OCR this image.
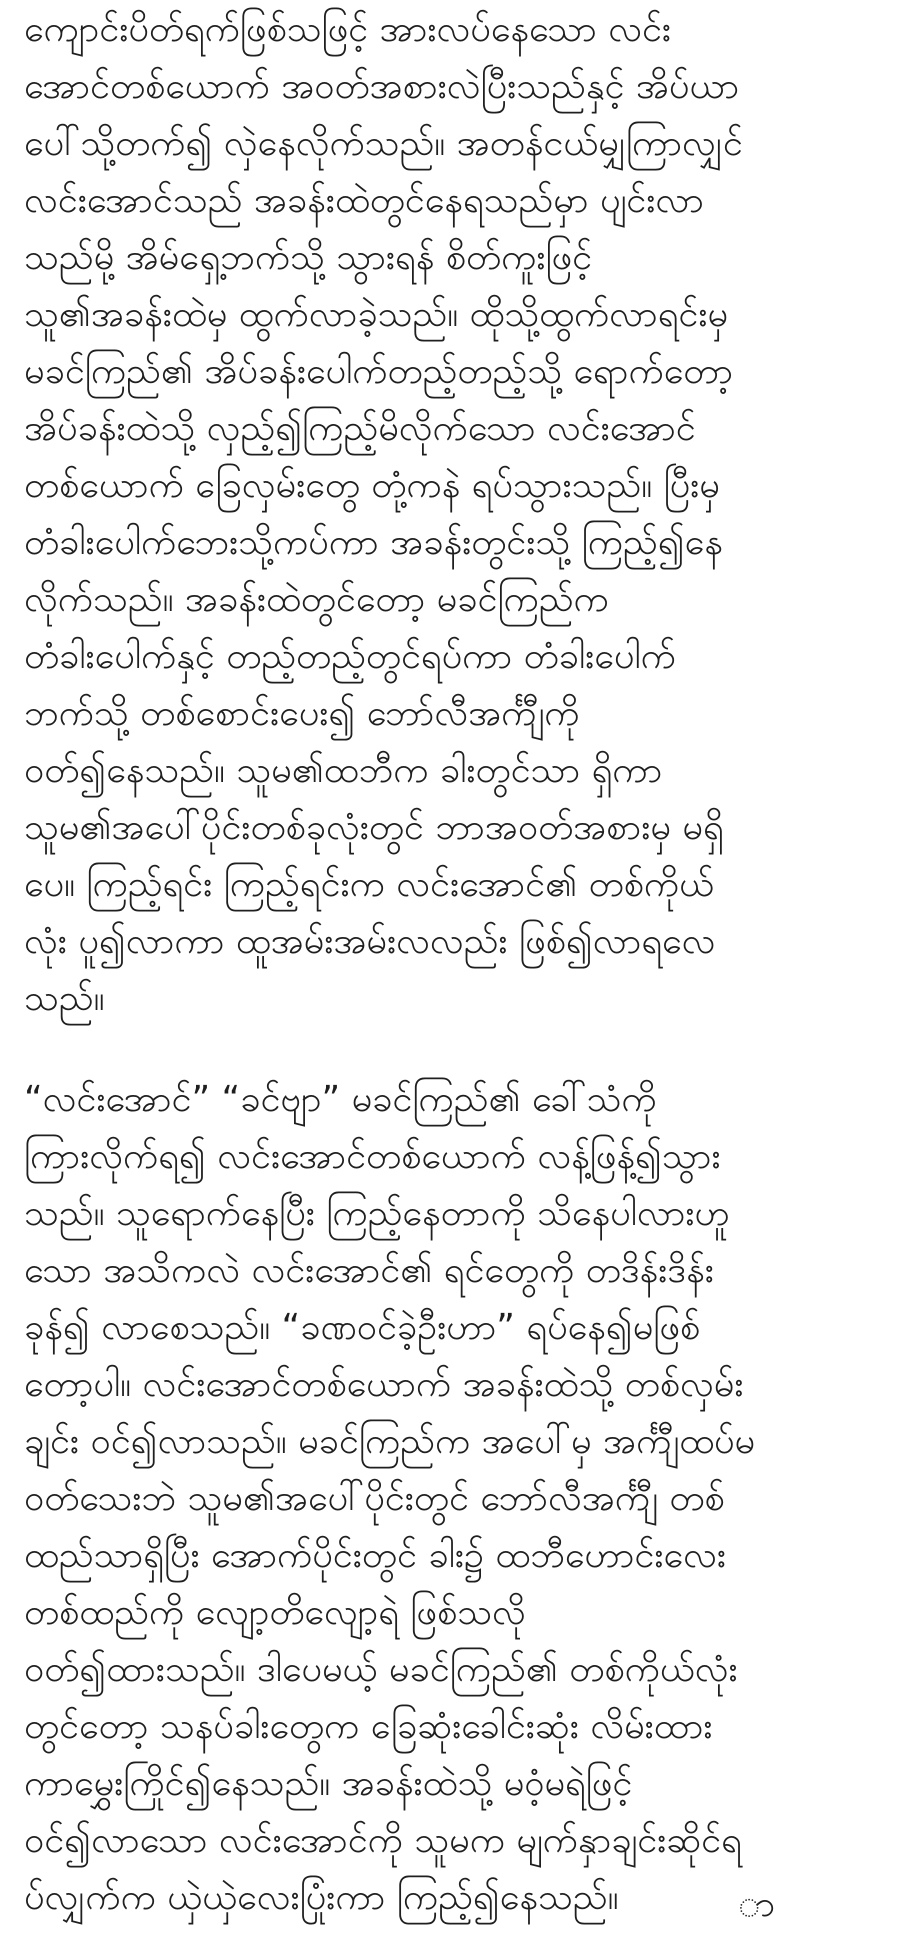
ကျောင်းပိတ်ရက်ဖြစ်သဖြင့် အားလပ်နေသော လင်း
အောင်တစ်ယောက် အဝတ်အစားလဲပြီးသည်နှင့် အိပ်ယာ
ပေါ်သို့တက်၍ လှဲနေလိုက်သည်။ အတန်ငယ်မျှကြာလျှင်
လင်းအောင်သည် အခန်းထဲတွင်နေရသည်မှာ ပျင်းလာ
သည်မို့ အိမ်ရှေ့ဘက်သို့ သွားရန် စိတ်ကူးဖြင့်
သူ၏အခန်းထဲမှ ထွက်လာခဲ့သည်။ ထိုသို့ထွက်လာရင်းမှ
မခင်ကြည်၏ အိပ်ခန်းပေါက်တည့်တည့်သို့ ရောက်တော့
အိပ်ခန်းထဲသို့ လှည့်၍ကြည့်မိလိုက်သော လင်းအောင်
တစ်ယောက် ခြေလှမ်းတွေ တုံ့ကနဲ ရပ်သွားသည်။ ပြီးမှ
တံခါးပေါက်ဘေးသို့ကပ်ကာ အခန်းတွင်းသို့ ကြည့်၍နေ
လိုက်သည်။ အခန်းထဲတွင်တော့ မခင်ကြည်က
တံခါးပေါက်နှင့် တည့်တည့်တွင်ရပ်ကာ တံခါးပေါက်
ဘက်သို့ တစ်စောင်းပေး၍ ဘော်လီအင်္ကျီကို
ဝတ်၍နေသည်။ သူမ၏ထဘီက ခါးတွင်သာ ရှိကာ
သူမ၏အပေါ်ပိုင်းတစ်ခုလုံးတွင် ဘာအဝတ်အစားမှ မရှိ
ပေ။ ကြည့်ရင်း ကြည့်ရင်းက လင်းအောင်၏ တစ်ကိုယ်
လုံး ပူ၍လာကာ ထူအမ်းအမ်းလလည်း ဖြစ်၍လာရလေ
သည်။
“လင်းအောင်” “ခင်ဗျာ” မခင်ကြည်၏ ခေါ်သံကို
ကြားလိုက်ရ၍ လင်းအောင်တစ်ယောက် လန့်ဖြန့်၍သွား
သည်။ သူရောက်နေပြီး ကြည့်နေတာကို သိနေပါလားဟူ
သော အသိကလဲ လင်းအောင်၏ ရင်တွေကို တဒိန်းဒိန်း
ခုန်၍ လာစေသည်။ “ခဏဝင်ခဲ့ဦးဟာ” ရပ်နေ၍မဖြစ်
တော့ပါ။ လင်းအောင်တစ်ယောက် အခန်းထဲသို့ တစ်လှမ်း
ချင်း ဝင်၍လာသည်။ မခင်ကြည်က အပေါ်မှ အင်္ကျီထပ်မ
ဝတ်သေးဘဲ သူမ၏အပေါ်ပိုင်းတွင် ဘော်လီအင်္ကျီ တစ်
ထည်သာရှိပြီး အောက်ပိုင်းတွင် ခါး၌ ထဘီဟောင်းလေး
တစ်ထည်ကို လျော့တိလျော့ရဲ ဖြစ်သလို
ဝတ်၍ထားသည်။ ဒါပေမယ့် မခင်ကြည်၏ တစ်ကိုယ်လုံး
တွင်တော့ သနပ်ခါးတွေက ခြေဆုံးခေါင်းဆုံး လိမ်းထား
ကာမွှေးကြိုင်၍နေသည်။ အခန်းထဲသို့ မဝံ့မရဲဖြင့်
ဝင်၍လာသော လင်းအောင်ကို သူမက မျက်နှာချင်းဆိုင်ရ
ပ်လျှက်က ယှဲယှဲလေးပြုံးကာ ကြည့်၍နေသည်။	ာ
